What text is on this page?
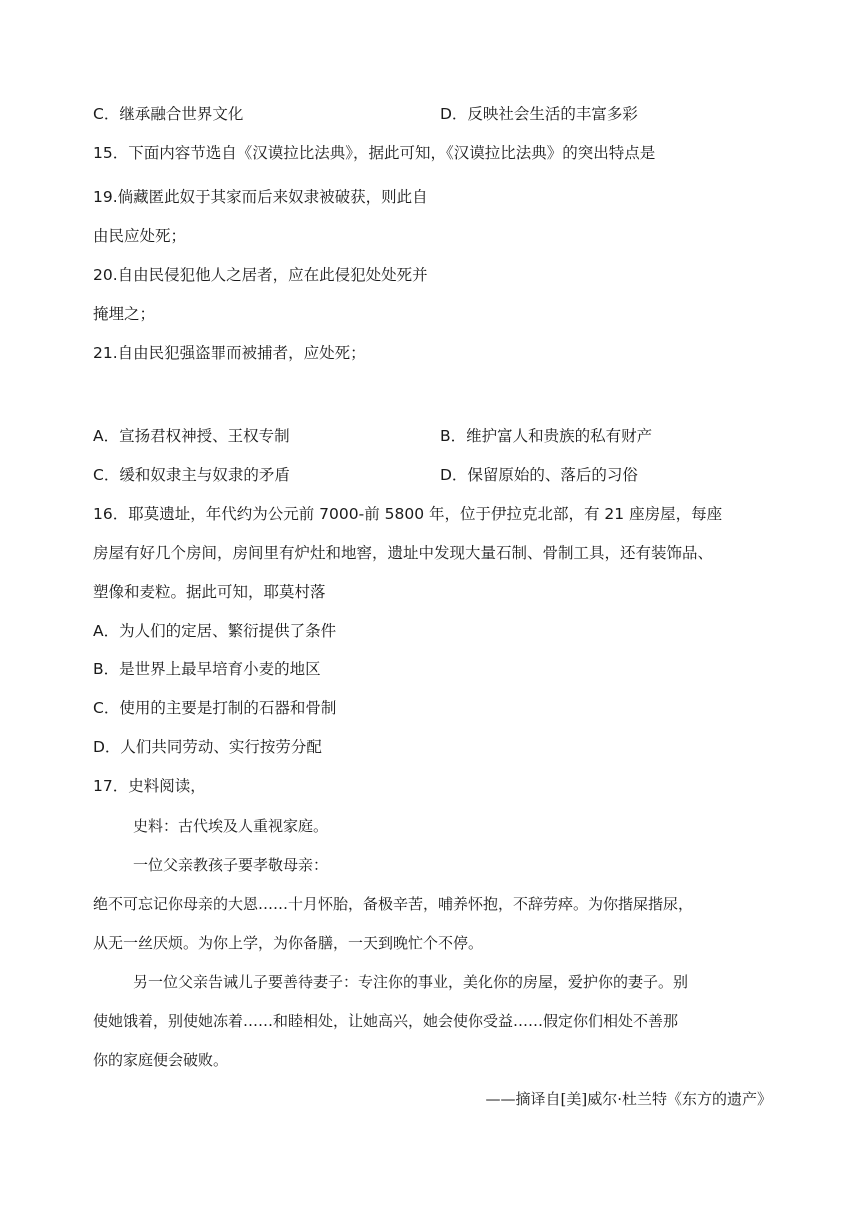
C．继承融合世界文化	D．反映社会生活的丰富多彩
15．下面内容节选自《汉谟拉比法典》，据此可知，《汉谟拉比法典》的突出特点是
19.倘藏匿此奴于其家而后来奴隶被破获，则此自
由民应处死；
20.自由民侵犯他人之居者，应在此侵犯处处死并
掩埋之；
21.自由民犯强盗罪而被捕者，应处死；
A．宣扬君权神授、王权专制	B．维护富人和贵族的私有财产
C．缓和奴隶主与奴隶的矛盾	D．保留原始的、落后的习俗
16．耶莫遗址，年代约为公元前 7000-前 5800 年，位于伊拉克北部，有 21 座房屋，每座
房屋有好几个房间，房间里有炉灶和地窖，遗址中发现大量石制、骨制工具，还有装饰品、
塑像和麦粒。据此可知，耶莫村落
A．为人们的定居、繁衍提供了条件
B．是世界上最早培育小麦的地区
C．使用的主要是打制的石器和骨制
D．人们共同劳动、实行按劳分配
17．史料阅读，
史料：古代埃及人重视家庭。
一位父亲教孩子要孝敬母亲：
绝不可忘记你母亲的大恩……十月怀胎，备极辛苦，哺养怀抱，不辞劳瘁。为你揩屎揩尿，
从无一丝厌烦。为你上学，为你备膳，一天到晚忙个不停。
另一位父亲告诫儿子要善待妻子：专注你的事业，美化你的房屋，爱护你的妻子。别
使她饿着，别使她冻着……和睦相处，让她高兴，她会使你受益……假定你们相处不善那
你的家庭便会破败。
——摘译自[美]威尔·杜兰特《东方的遗产》
